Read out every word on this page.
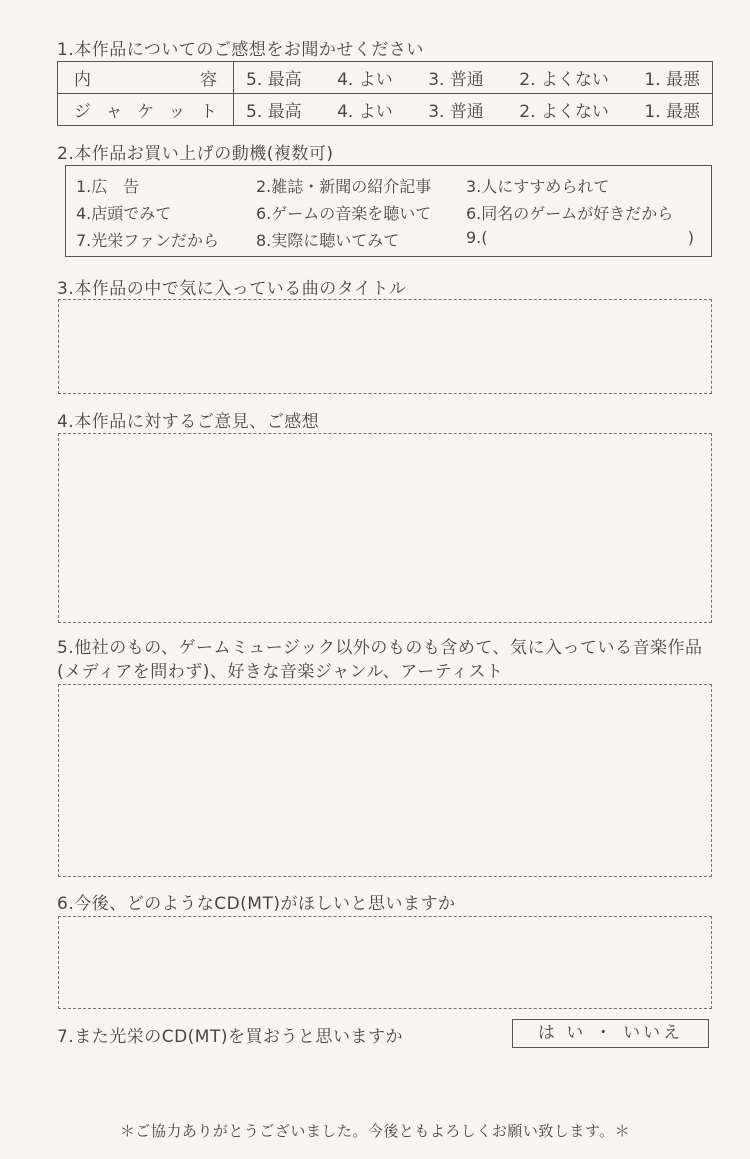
1.本作品についてのご感想をお聞かせください
内　容	5. 最高 4. よい 3. 普通 2. よくない 1. 最悪

ジャケット	5. 最高 4. よい 3. 普通 2. よくない 1. 最悪
2.本作品お買い上げの動機(複数可)
1.広　告	2.雑誌・新聞の紹介記事	3.人にすすめられて
4.店頭でみて	6.ゲームの音楽を聴いて	6.同名のゲームが好きだから
7.光栄ファンだから	8.実際に聴いてみて	9.(	)
3.本作品の中で気に入っている曲のタイトル
4.本作品に対するご意見、ご感想
5.他社のもの、ゲームミュージック以外のものも含めて、気に入っている音楽作品(メディアを問わず)、好きな音楽ジャンル、アーティスト
6.今後、どのようなCD(MT)がほしいと思いますか
7.また光栄のCD(MT)を買おうと思いますか	は い ・ いいえ
＊ご協力ありがとうございました。今後ともよろしくお願い致します。＊
